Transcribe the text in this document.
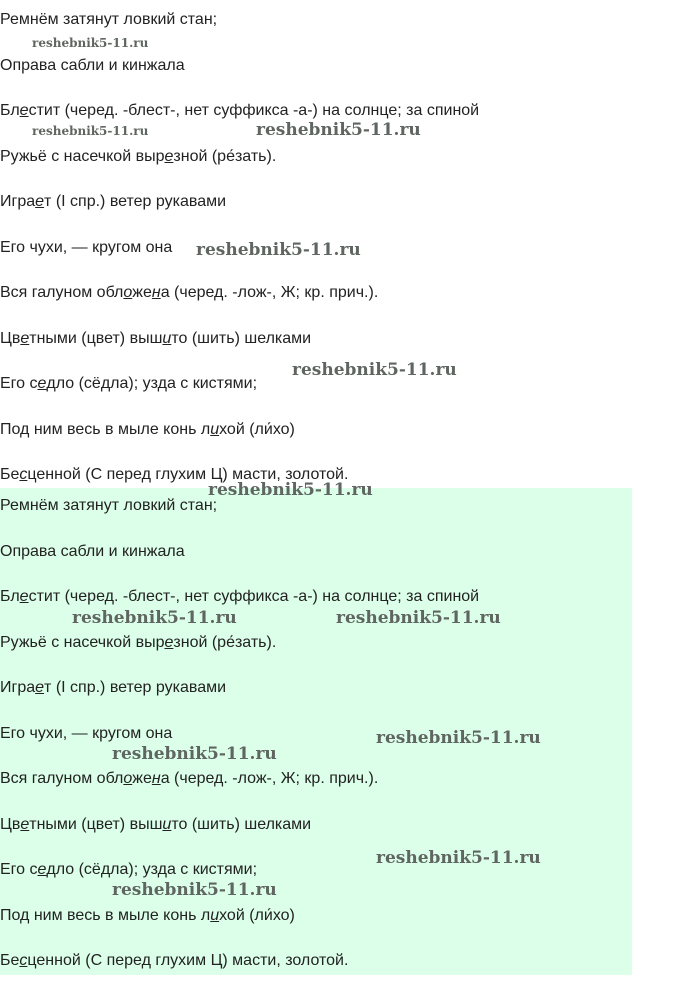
reshebnik5-11.ru
reshebnik5-11.ru	reshebnik5-11.ru
reshebnik5-11.ru
reshebnik5-11.ru
reshebnik5-11.ru
reshebnik5-11.ru	reshebnik5-11.ru
reshebnik5-11.ru
reshebnik5-11.ru
reshebnik5-11.ru
reshebnik5-11.ru
Ремнём затянут ловкий стан;
Оправа сабли и кинжала
Блестит (черед. -блест-, нет суффикса -а-) на солнце; за спиной
Ружьё с насечкой вырезной (ре́зать).
Играет (I спр.) ветер рукавами
Его чухи, — кругом она
Вся галуном обложена (черед. -лож-, Ж; кр. прич.).
Цветными (цвет) вышито (шить) шелками
Его седло (сёдла); узда с кистями;
Под ним весь в мыле конь лихой (ли́хо)
Бесценной (С перед глухим Ц) масти, золотой.
Ремнём затянут ловкий стан;
Оправа сабли и кинжала
Блестит (черед. -блест-, нет суффикса -а-) на солнце; за спиной
Ружьё с насечкой вырезной (ре́зать).
Играет (I спр.) ветер рукавами
Его чухи, — кругом она
Вся галуном обложена (черед. -лож-, Ж; кр. прич.).
Цветными (цвет) вышито (шить) шелками
Его седло (сёдла); узда с кистями;
Под ним весь в мыле конь лихой (ли́хо)
Бесценной (С перед глухим Ц) масти, золотой.
